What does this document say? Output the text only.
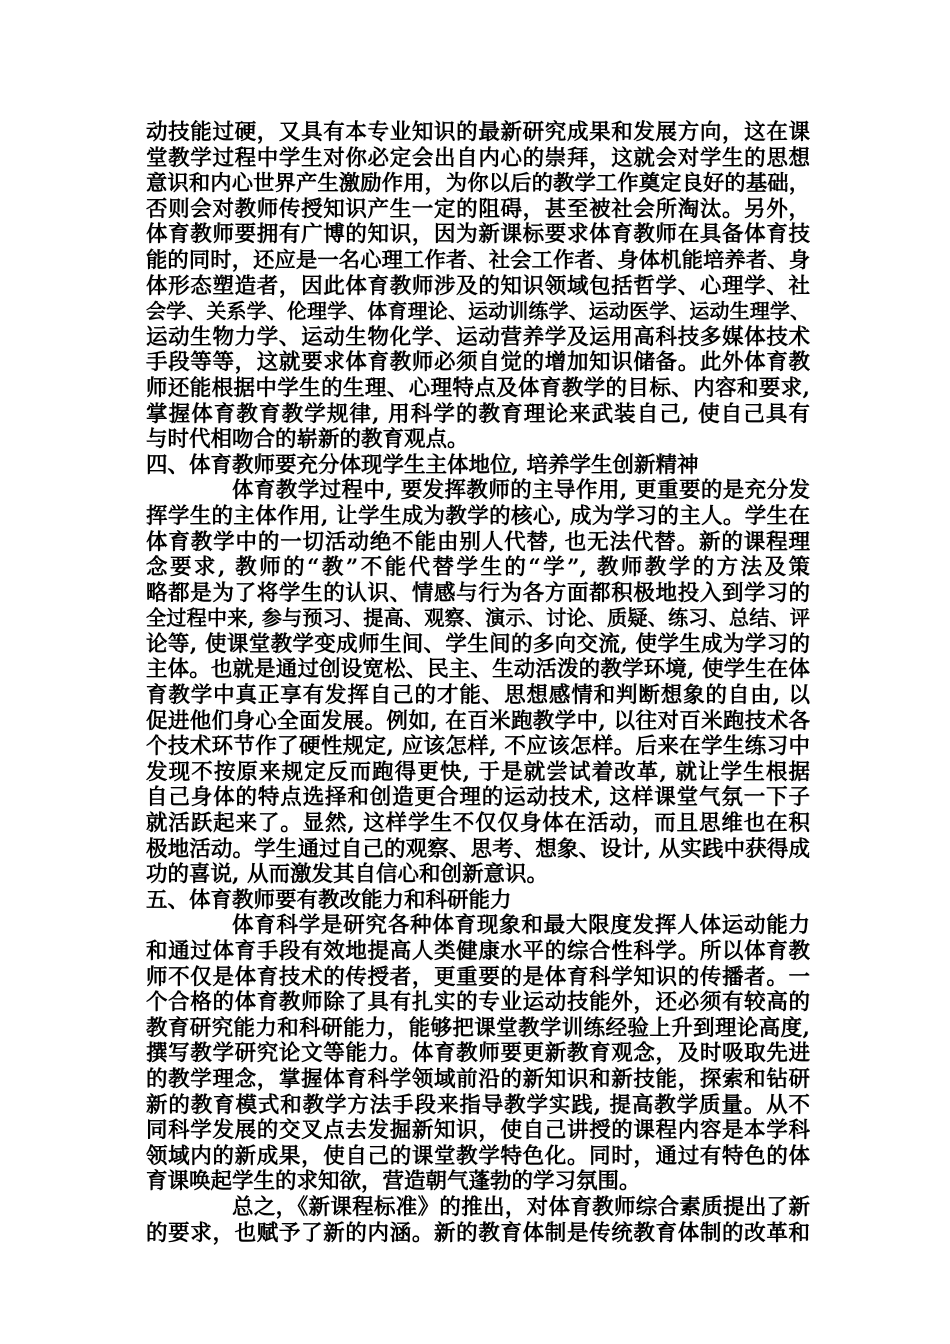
动技能过硬，又具有本专业知识的最新研究成果和发展方向，这在课
堂教学过程中学生对你必定会出自内心的崇拜，这就会对学生的思想
意识和内心世界产生激励作用，为你以后的教学工作奠定良好的基础，
否则会对教师传授知识产生一定的阻碍，甚至被社会所淘汰。另外，
体育教师要拥有广博的知识，因为新课标要求体育教师在具备体育技
能的同时，还应是一名心理工作者、社会工作者、身体机能培养者、身
体形态塑造者，因此体育教师涉及的知识领域包括哲学、心理学、社
会学、关系学、伦理学、体育理论、运动训练学、运动医学、运动生理学、
运动生物力学、运动生物化学、运动营养学及运用高科技多媒体技术
手段等等，这就要求体育教师必须自觉的增加知识储备。此外体育教
师还能根据中学生的生理、心理特点及体育教学的目标、内容和要求,
掌握体育教育教学规律, 用科学的教育理论来武装自己, 使自己具有
与时代相吻合的崭新的教育观点。
四、体育教师要充分体现学生主体地位, 培养学生创新精神
体育教学过程中, 要发挥教师的主导作用, 更重要的是充分发
挥学生的主体作用, 让学生成为教学的核心, 成为学习的主人。学生在
体育教学中的一切活动绝不能由别人代替, 也无法代替。新的课程理
念要求, 教师的“教”不能代替学生的“学”, 教师教学的方法及策
略都是为了将学生的认识、情感与行为各方面都积极地投入到学习的
全过程中来, 参与预习、提高、观察、演示、讨论、质疑、练习、总结、评
论等, 使课堂教学变成师生间、学生间的多向交流, 使学生成为学习的
主体。也就是通过创设宽松、民主、生动活泼的教学环境, 使学生在体
育教学中真正享有发挥自己的才能、思想感情和判断想象的自由, 以
促进他们身心全面发展。例如, 在百米跑教学中, 以往对百米跑技术各
个技术环节作了硬性规定, 应该怎样, 不应该怎样。后来在学生练习中
发现不按原来规定反而跑得更快, 于是就尝试着改革, 就让学生根据
自己身体的特点选择和创造更合理的运动技术, 这样课堂气氛一下子
就活跃起来了。显然, 这样学生不仅仅身体在活动，而且思维也在积
极地活动。学生通过自己的观察、思考、想象、设计, 从实践中获得成
功的喜说, 从而激发其自信心和创新意识。
五、体育教师要有教改能力和科研能力
体育科学是研究各种体育现象和最大限度发挥人体运动能力
和通过体育手段有效地提高人类健康水平的综合性科学。所以体育教
师不仅是体育技术的传授者，更重要的是体育科学知识的传播者。一
个合格的体育教师除了具有扎实的专业运动技能外，还必须有较高的
教育研究能力和科研能力，能够把课堂教学训练经验上升到理论高度,
撰写教学研究论文等能力。体育教师要更新教育观念，及时吸取先进
的教学理念，掌握体育科学领域前沿的新知识和新技能，探索和钻研
新的教育模式和教学方法手段来指导教学实践, 提高教学质量。从不
同科学发展的交叉点去发掘新知识，使自己讲授的课程内容是本学科
领域内的新成果，使自己的课堂教学特色化。同时，通过有特色的体
育课唤起学生的求知欲，营造朝气蓬勃的学习氛围。
总之，《新课程标准》的推出，对体育教师综合素质提出了新
的要求，也赋予了新的内涵。新的教育体制是传统教育体制的改革和
